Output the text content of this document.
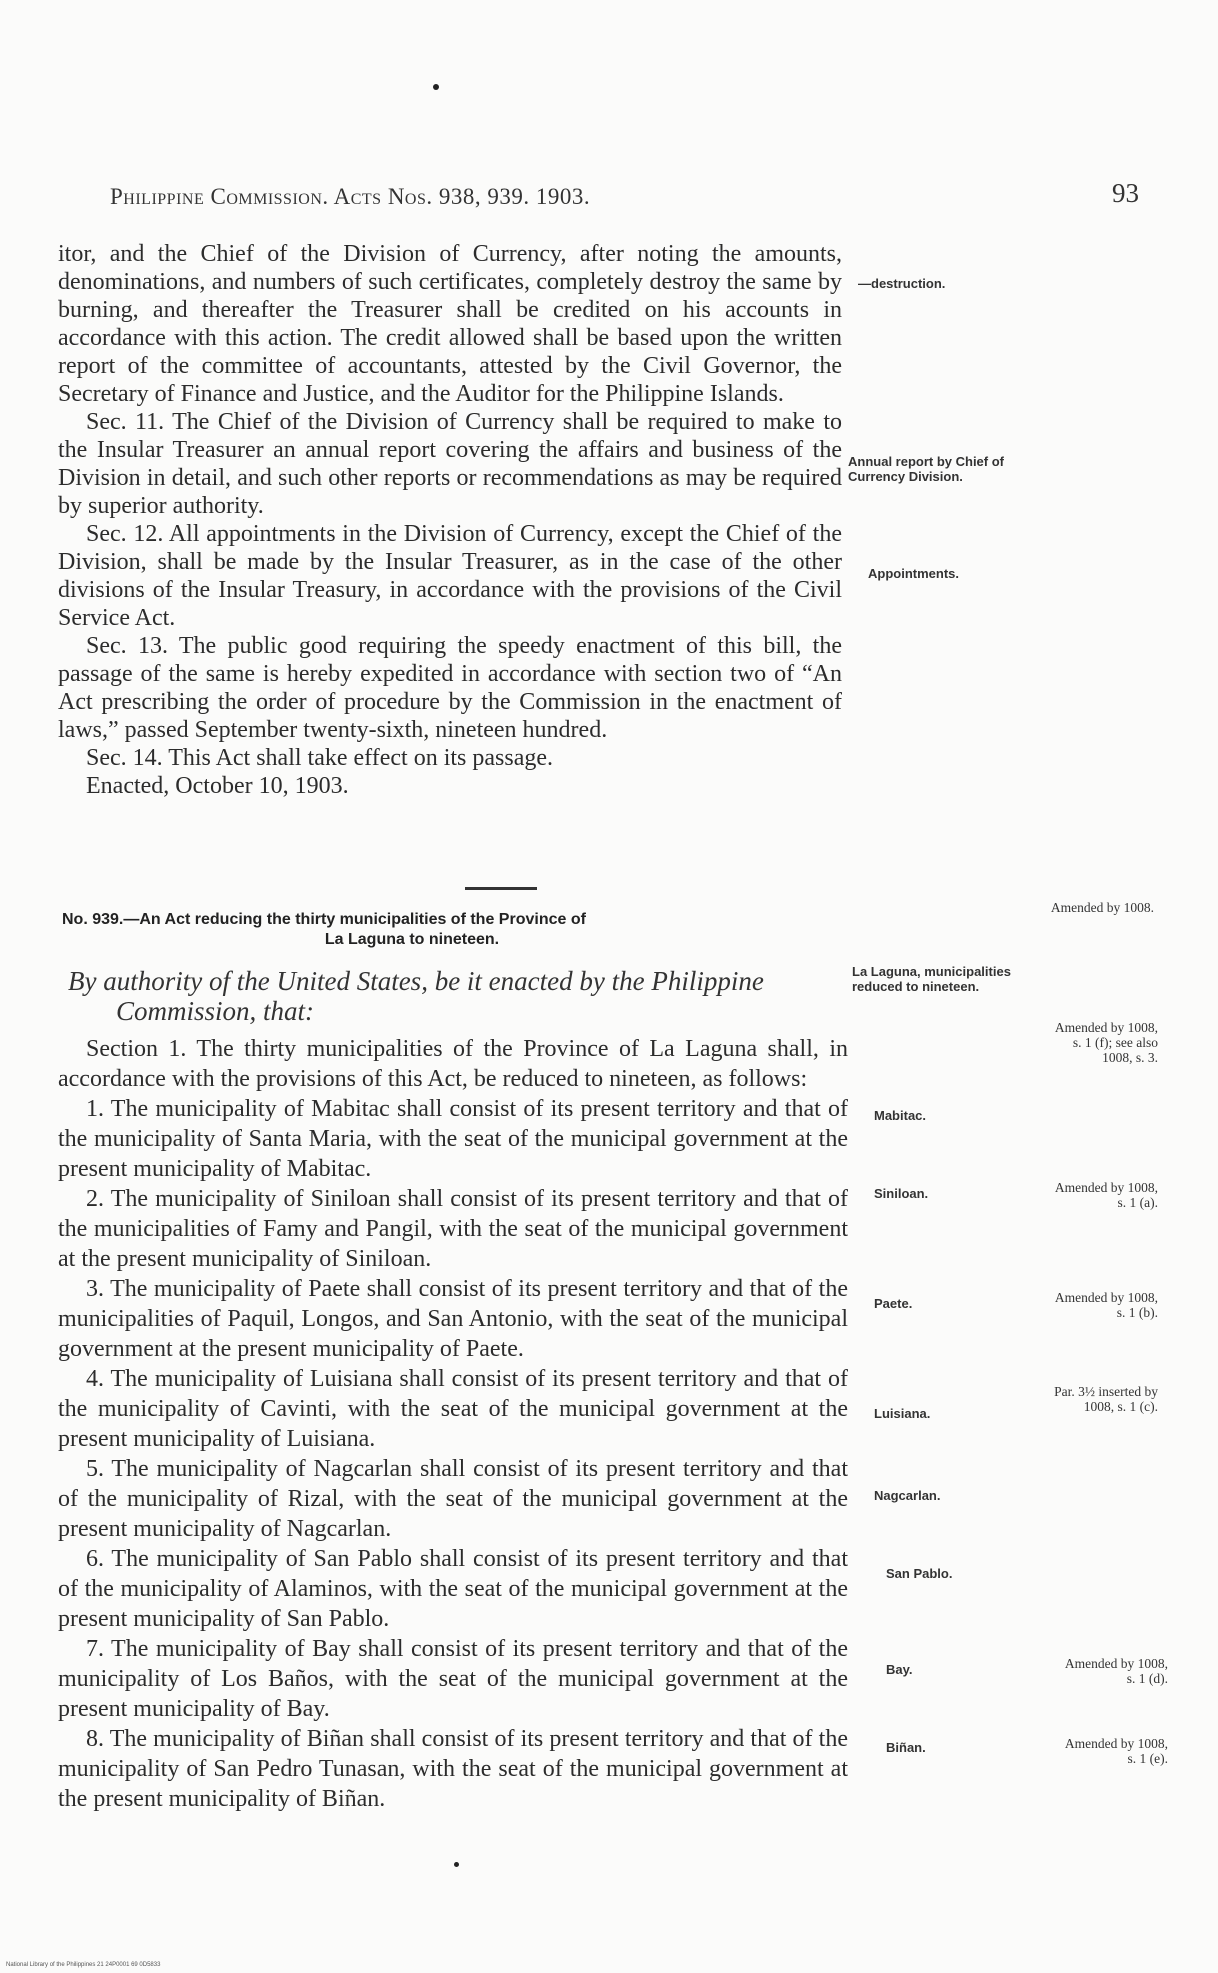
Philippine Commission. Acts Nos. 938, 939. 1903.	93

itor, and the Chief of the Division of Currency, after noting the amounts, denominations, and numbers of such certificates, completely destroy the same by burning, and thereafter the Treasurer shall be credited on his accounts in accordance with this action. The credit allowed shall be based upon the written report of the committee of accountants, attested by the Civil Governor, the Secretary of Finance and Justice, and the Auditor for the Philippine Islands.

Sec. 11. The Chief of the Division of Currency shall be required to make to the Insular Treasurer an annual report covering the affairs and business of the Division in detail, and such other reports or recommendations as may be required by superior authority.

Sec. 12. All appointments in the Division of Currency, except the Chief of the Division, shall be made by the Insular Treasurer, as in the case of the other divisions of the Insular Treasury, in accordance with the provisions of the Civil Service Act.

Sec. 13. The public good requiring the speedy enactment of this bill, the passage of the same is hereby expedited in accordance with section two of “An Act prescribing the order of procedure by the Commission in the enactment of laws,” passed September twenty-sixth, nineteen hundred.

Sec. 14. This Act shall take effect on its passage.

Enacted, October 10, 1903.

—destruction.
Annual report by Chief of Currency Division.
Appointments.
Amended by 1008.
No. 939.—An Act reducing the thirty municipalities of the Province of
La Laguna to nineteen.
By authority of the United States, be it enacted by the Philippine
Commission, that:
La Laguna, municipalities reduced to nineteen.

Section 1. The thirty municipalities of the Province of La Laguna shall, in accordance with the provisions of this Act, be reduced to nineteen, as follows:

1. The municipality of Mabitac shall consist of its present territory and that of the municipality of Santa Maria, with the seat of the municipal government at the present municipality of Mabitac.

2. The municipality of Siniloan shall consist of its present territory and that of the municipalities of Famy and Pangil, with the seat of the municipal government at the present municipality of Siniloan.

3. The municipality of Paete shall consist of its present territory and that of the municipalities of Paquil, Longos, and San Antonio, with the seat of the municipal government at the present municipality of Paete.

4. The municipality of Luisiana shall consist of its present territory and that of the municipality of Cavinti, with the seat of the municipal government at the present municipality of Luisiana.

5. The municipality of Nagcarlan shall consist of its present territory and that of the municipality of Rizal, with the seat of the municipal government at the present municipality of Nagcarlan.

6. The municipality of San Pablo shall consist of its present territory and that of the municipality of Alaminos, with the seat of the municipal government at the present municipality of San Pablo.

7. The municipality of Bay shall consist of its present territory and that of the municipality of Los Baños, with the seat of the municipal government at the present municipality of Bay.

8. The municipality of Biñan shall consist of its present territory and that of the municipality of San Pedro Tunasan, with the seat of the municipal government at the present municipality of Biñan.

Mabitac.
Siniloan.
Paete.
Luisiana.
Nagcarlan.
San Pablo.
Bay.
Biñan.
Amended by 1008, s. 1 (f); see also 1008, s. 3.
Amended by 1008, s. 1 (a).
Amended by 1008, s. 1 (b).
Par. 3½ inserted by 1008, s. 1 (c).
Amended by 1008, s. 1 (d).
Amended by 1008, s. 1 (e).
National Library of the Philippines 21 24P0001 69 0D5833
